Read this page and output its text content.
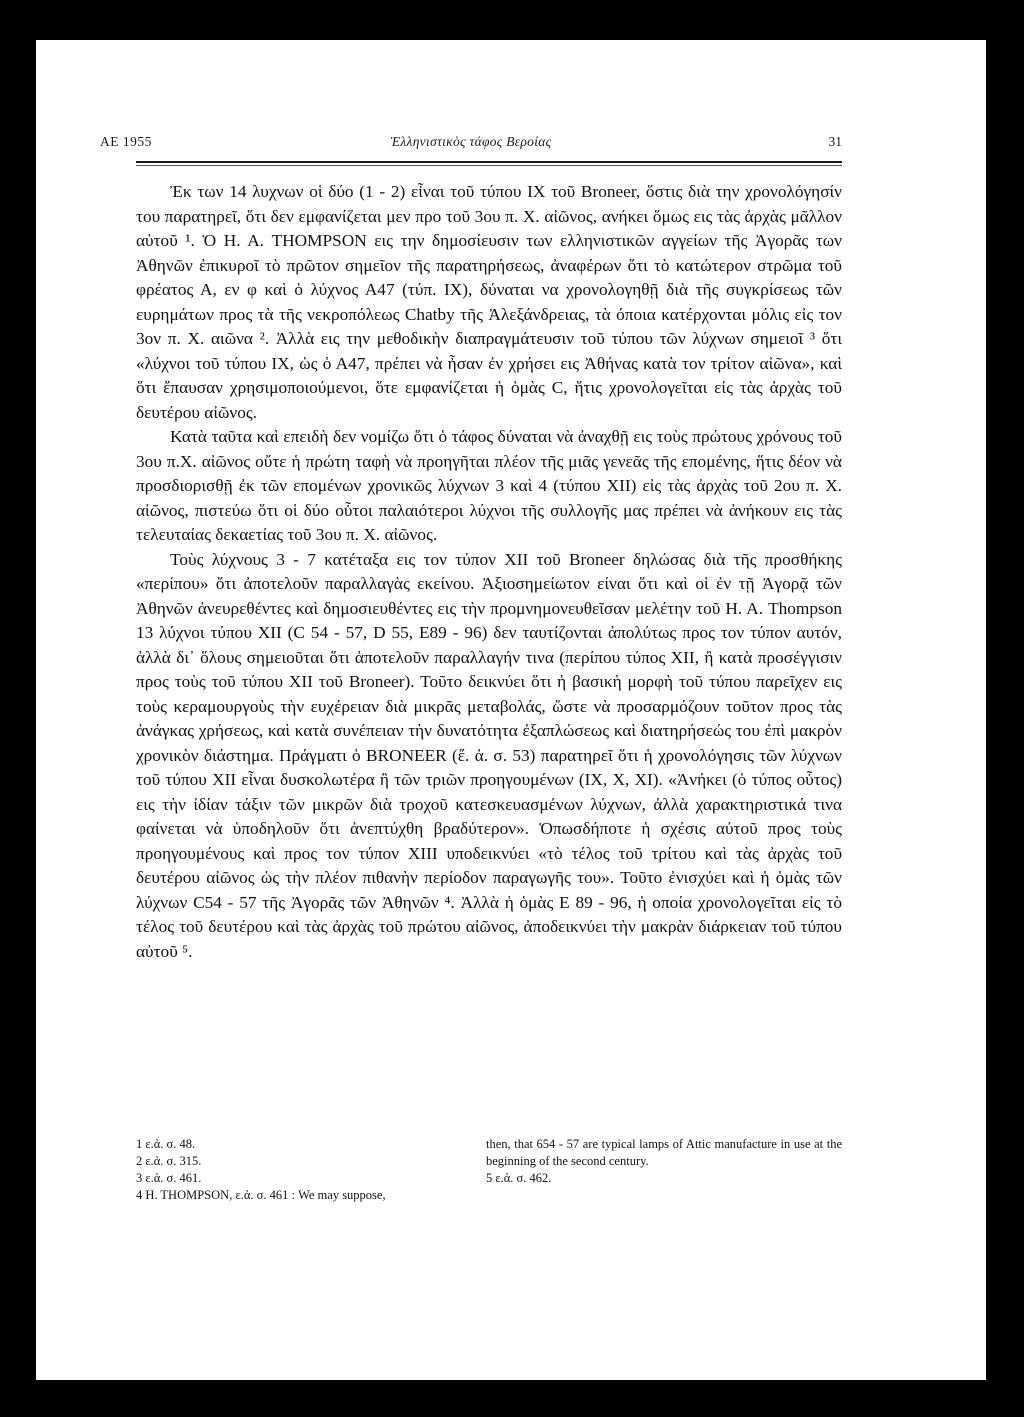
ΑΕ 1955	Ἑλληνιστικὸς τάφος Βεροίας	31

Ἐκ των 14 λυχνων οἱ δύο (1 - 2) εἶναι τοῦ τύπου IX τοῦ Broneer, ὅστις διὰ την χρονολόγησίν του παρατηρεῖ, ὅτι δεν εμφανίζεται μεν προ τοῦ 3ου π. Χ. αἰῶνος, ανήκει ὅμως εις τὰς ἀρχὰς μᾶλλον αὐτοῦ ¹. Ὁ Η. Α. THOMPSON εις την δημοσίευσιν των ελληνιστικῶν αγγείων τῆς Ἀγορᾶς των Ἀθηνῶν ἐπικυροῖ τὸ πρῶτον σημεῖον τῆς παρατηρήσεως, ἀναφέρων ὅτι τὸ κατώτερον στρῶμα τοῦ φρέατος Α, εν φ καὶ ὁ λύχνος Α47 (τύπ. IX), δύναται να χρονολογηθῇ διὰ τῆς συγκρίσεως τῶν ευρημάτων προς τὰ τῆς νεκροπόλεως Chatby τῆς Ἀλεξάνδρειας, τὰ όποια κατέρχονται μόλις εἰς τον 3ον π. Χ. αιῶνα ². Ἀλλὰ εις την μεθοδικὴν διαπραγμάτευσιν τοῦ τύπου τῶν λύχνων σημειοῖ ³ ὅτι «λύχνοι τοῦ τύπου IX, ὡς ὁ Α47, πρέπει νὰ ἦσαν ἐν χρήσει εις Ἀθήνας κατὰ τον τρίτον αἰῶνα», καὶ ὅτι ἔπαυσαν χρησιμοποιούμενοι, ὅτε εμφανίζεται ἡ ὁμὰς C, ἥτις χρονολογεῖται εἰς τὰς ἀρχὰς τοῦ δευτέρου αἰῶνος.

Κατὰ ταῦτα καὶ επειδὴ δεν νομίζω ὅτι ὁ τάφος δύναται νὰ ἀναχθῇ εις τοὺς πρώτους χρόνους τοῦ 3ου π.Χ. αἰῶνος οὔτε ἡ πρώτη ταφὴ νὰ προηγῆται πλέον τῆς μιᾶς γενεᾶς τῆς επομένης, ἥτις δέον νὰ προσδιορισθῇ ἐκ τῶν επομένων χρονικῶς λύχνων 3 καὶ 4 (τύπου XII) εἰς τὰς ἀρχὰς τοῦ 2ου π. Χ. αἰῶνος, πιστεύω ὅτι οἱ δύο οὗτοι παλαιότεροι λύχνοι τῆς συλλογῆς μας πρέπει νὰ ἀνήκουν εις τὰς τελευταίας δεκαετίας τοῦ 3ου π. Χ. αἰῶνος.

Τοὺς λύχνους 3 - 7 κατέταξα εις τον τύπον XII τοῦ Broneer δηλώσας διὰ τῆς προσθήκης «περίπου» ὅτι ἀποτελοῦν παραλλαγὰς εκείνου. Ἀξιοσημείωτον είναι ὅτι καὶ οἱ ἐν τῇ Ἀγορᾷ τῶν Ἀθηνῶν ἀνευρεθέντες καὶ δημοσιευθέντες εις τὴν προμνημονευθεῖσαν μελέτην τοῦ Η. Α. Thompson 13 λύχνοι τύπου XII (C 54 - 57, D 55, E89 - 96) δεν ταυτίζονται ἀπολύτως προς τον τύπον αυτόν, ἀλλὰ δι᾽ ὅλους σημειοῦται ὅτι ἀποτελοῦν παραλλαγήν τινα (περίπου τύπος XII, ἢ κατὰ προσέγγισιν προς τοὺς τοῦ τύπου XII τοῦ Broneer). Τοῦτο δεικνύει ὅτι ἡ βασικὴ μορφὴ τοῦ τύπου παρεῖχεν εις τοὺς κεραμουργοὺς τὴν ευχέρειαν διὰ μικρᾶς μεταβολάς, ὥστε νὰ προσαρμόζουν τοῦτον προς τὰς ἀνάγκας χρήσεως, καὶ κατὰ συνέπειαν τὴν δυνατότητα ἐξαπλώσεως καὶ διατηρήσεώς του ἐπὶ μακρὸν χρονικὸν διάστημα. Πράγματι ὁ BRONEER (ἔ. ἀ. σ. 53) παρατηρεῖ ὅτι ἡ χρονολόγησις τῶν λύχνων τοῦ τύπου XII εἶναι δυσκολωτέρα ἢ τῶν τριῶν προηγουμένων (IX, X, XI). «Ἀνήκει (ὁ τύπος οὗτος) εις τὴν ἰδίαν τάξιν τῶν μικρῶν διὰ τροχοῦ κατεσκευασμένων λύχνων, ἀλλὰ χαρακτηριστικά τινα φαίνεται νὰ ὑποδηλοῦν ὅτι ἀνεπτύχθη βραδύτερον». Ὁπωσδήποτε ἡ σχέσις αὐτοῦ προς τοὺς προηγουμένους καὶ προς τον τύπον XIII υποδεικνύει «τὸ τέλος τοῦ τρίτου καὶ τὰς ἀρχὰς τοῦ δευτέρου αἰῶνος ὡς τὴν πλέον πιθανὴν περίοδον παραγωγῆς του». Τοῦτο ἐνισχύει καὶ ἡ ὁμὰς τῶν λύχνων C54 - 57 τῆς Ἀγορᾶς τῶν Ἀθηνῶν ⁴. Ἀλλὰ ἡ ὁμὰς E 89 - 96, ἡ οποία χρονολογεῖται εἰς τὸ τέλος τοῦ δευτέρου καὶ τὰς ἀρχὰς τοῦ πρώτου αἰῶνος, ἀποδεικνύει τὴν μακρὰν διάρκειαν τοῦ τύπου αὐτοῦ ⁵.

1 ε.ἀ. σ. 48.
2 ε.ἀ. σ. 315.
3 ε.ἀ. σ. 461.
4 H. THOMPSON, ε.ἀ. σ. 461 : We may suppose,
then, that 654 - 57 are typical lamps of Attic manufacture in use at the beginning of the second century.
5 ε.ἀ. σ. 462.
